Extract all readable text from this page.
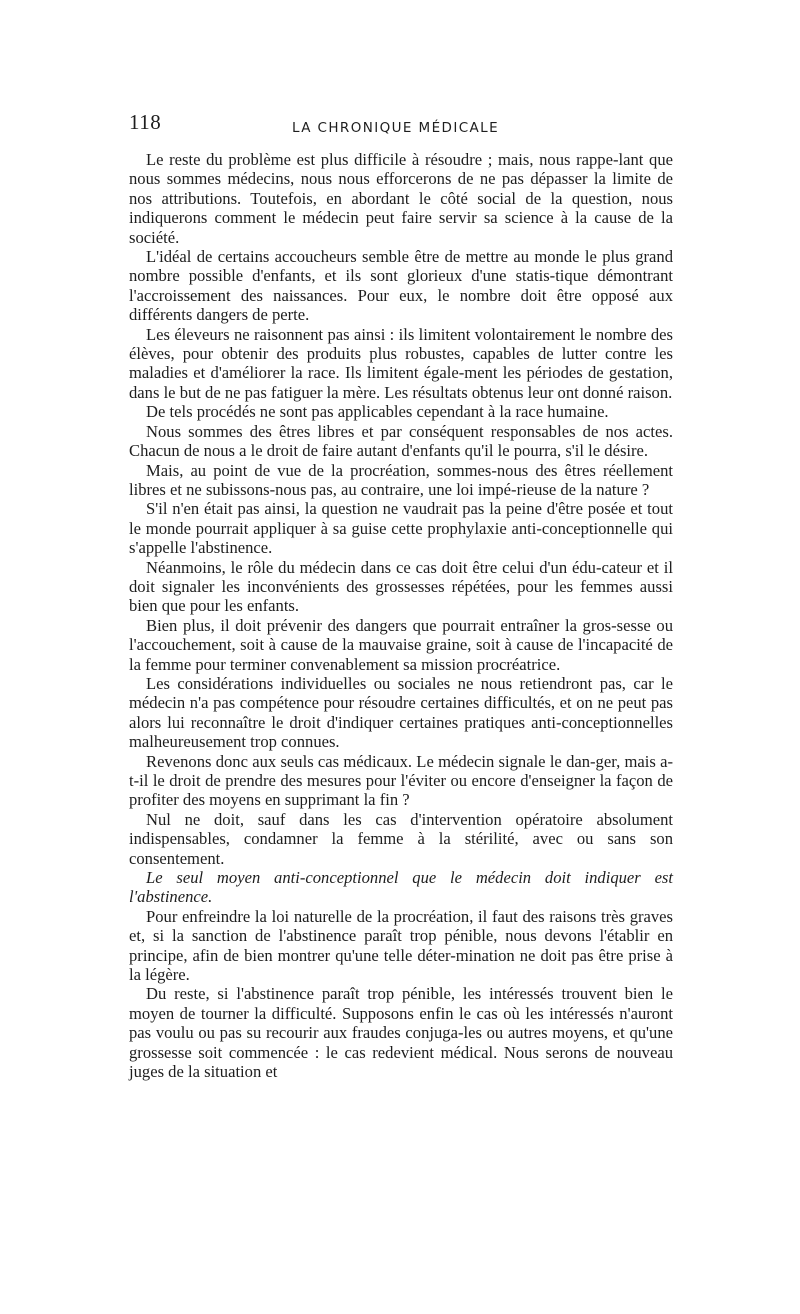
118	LA CHRONIQUE MÉDICALE

Le reste du problème est plus difficile à résoudre ; mais, nous rappe-lant que nous sommes médecins, nous nous efforcerons de ne pas dépasser la limite de nos attributions. Toutefois, en abordant le côté social de la question, nous indiquerons comment le médecin peut faire servir sa science à la cause de la société.

L'idéal de certains accoucheurs semble être de mettre au monde le plus grand nombre possible d'enfants, et ils sont glorieux d'une statis-tique démontrant l'accroissement des naissances. Pour eux, le nombre doit être opposé aux différents dangers de perte.

Les éleveurs ne raisonnent pas ainsi : ils limitent volontairement le nombre des élèves, pour obtenir des produits plus robustes, capables de lutter contre les maladies et d'améliorer la race. Ils limitent égale-ment les périodes de gestation, dans le but de ne pas fatiguer la mère. Les résultats obtenus leur ont donné raison.

De tels procédés ne sont pas applicables cependant à la race humaine.

Nous sommes des êtres libres et par conséquent responsables de nos actes. Chacun de nous a le droit de faire autant d'enfants qu'il le pourra, s'il le désire.

Mais, au point de vue de la procréation, sommes-nous des êtres réellement libres et ne subissons-nous pas, au contraire, une loi impé-rieuse de la nature ?

S'il n'en était pas ainsi, la question ne vaudrait pas la peine d'être posée et tout le monde pourrait appliquer à sa guise cette prophylaxie anti-conceptionnelle qui s'appelle l'abstinence.

Néanmoins, le rôle du médecin dans ce cas doit être celui d'un édu-cateur et il doit signaler les inconvénients des grossesses répétées, pour les femmes aussi bien que pour les enfants.

Bien plus, il doit prévenir des dangers que pourrait entraîner la gros-sesse ou l'accouchement, soit à cause de la mauvaise graine, soit à cause de l'incapacité de la femme pour terminer convenablement sa mission procréatrice.

Les considérations individuelles ou sociales ne nous retiendront pas, car le médecin n'a pas compétence pour résoudre certaines difficultés, et on ne peut pas alors lui reconnaître le droit d'indiquer certaines pratiques anti-conceptionnelles malheureusement trop connues.

Revenons donc aux seuls cas médicaux. Le médecin signale le dan-ger, mais a-t-il le droit de prendre des mesures pour l'éviter ou encore d'enseigner la façon de profiter des moyens en supprimant la fin ?

Nul ne doit, sauf dans les cas d'intervention opératoire absolument indispensables, condamner la femme à la stérilité, avec ou sans son consentement.

Le seul moyen anti-conceptionnel que le médecin doit indiquer est l'abstinence.

Pour enfreindre la loi naturelle de la procréation, il faut des raisons très graves et, si la sanction de l'abstinence paraît trop pénible, nous devons l'établir en principe, afin de bien montrer qu'une telle déter-mination ne doit pas être prise à la légère.

Du reste, si l'abstinence paraît trop pénible, les intéressés trouvent bien le moyen de tourner la difficulté. Supposons enfin le cas où les intéressés n'auront pas voulu ou pas su recourir aux fraudes conjuga-les ou autres moyens, et qu'une grossesse soit commencée : le cas redevient médical. Nous serons de nouveau juges de la situation et
